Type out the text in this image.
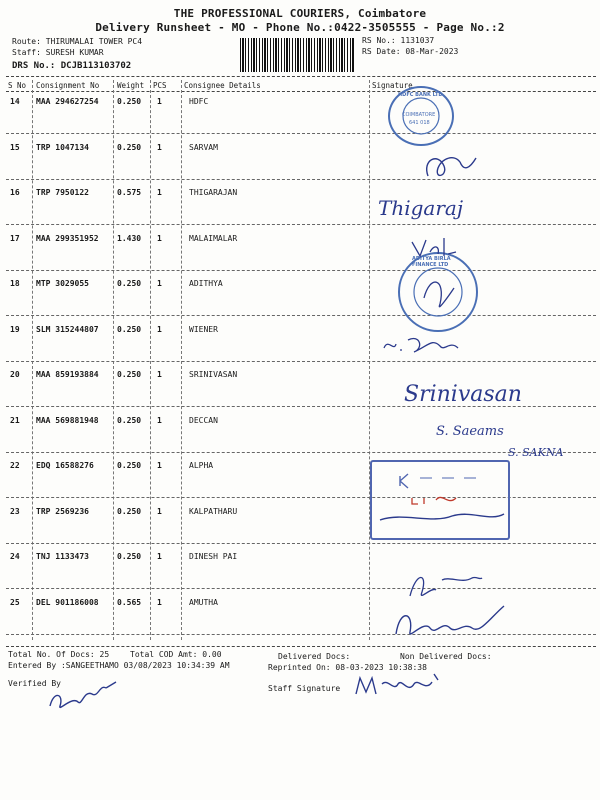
THE PROFESSIONAL COURIERS, Coimbatore
Delivery Runsheet - MO - Phone No.:0422-3505555 - Page No.:2
Route: THIRUMALAI TOWER PC4
Staff: SURESH KUMAR
DRS No.: DCJB113103702
RS No.: 1131037
RS Date: 08-Mar-2023
S No Consignment No Weight PCS Consignee Details	Signature
14 MAA 294627254 0.250 1	HDFC
15 TRP 1047134	0.250 1	SARVAM
16 TRP 7950122	0.575 1	THIGARAJAN
17 MAA 299351952 1.430 1	MALAIMALAR
18 MTP 3029055	0.250 1	ADITHYA
19 SLM 315244807 0.250 1	WIENER
20 MAA 859193884 0.250 1	SRINIVASAN
21 MAA 569881948 0.250 1	DECCAN
22 EDQ 16588276	0.250 1	ALPHA
23 TRP 2569236	0.250 1	KALPATHARU
24 TNJ 1133473	0.250 1	DINESH PAI
25 DEL 901186008 0.565 1	AMUTHA
HDFC BANK LTD
COIMBATORE
641 018
Thigaraj
ADITYA BIRLA FINANCE LTD
Srinivasan
S. Saeams
S. SAKNA
Total No. Of Docs: 25	Total COD Amt: 0.00	Delivered Docs:	Non Delivered Docs:
Entered By :SANGEETHAMO 03/08/2023 10:34:39 AM	Reprinted On: 08-03-2023 10:38:38
Verified By
Staff Signature
